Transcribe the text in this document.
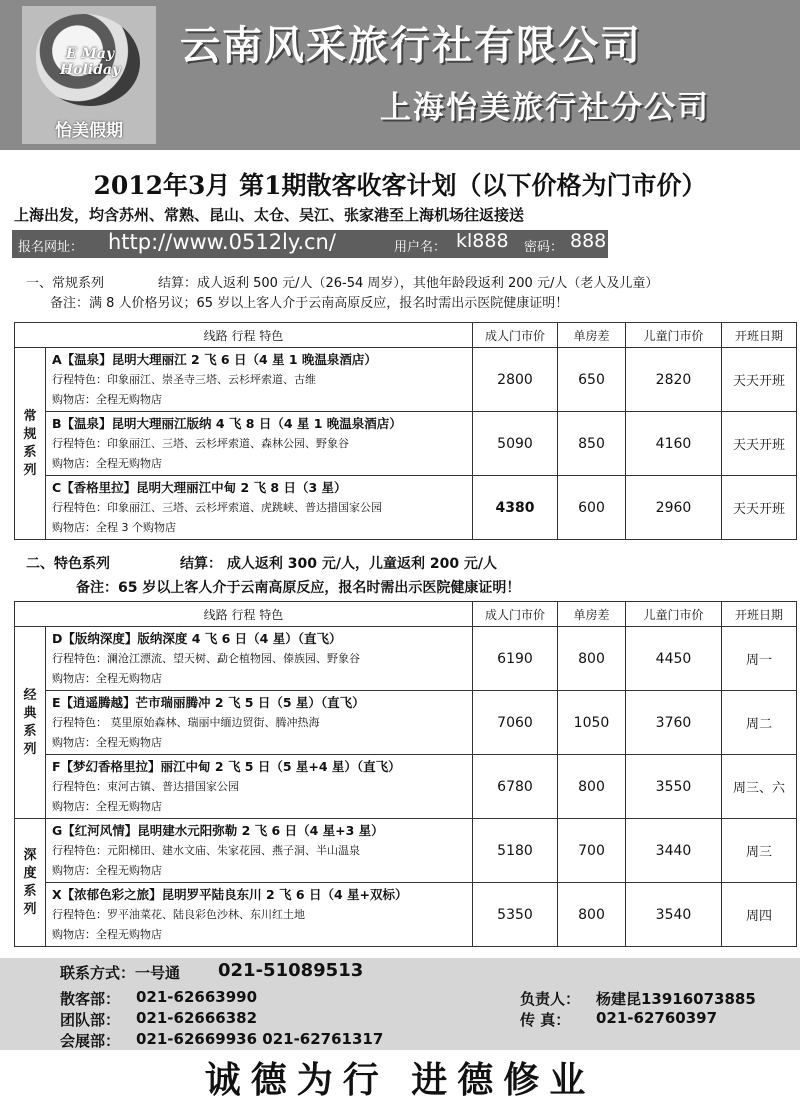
E May Holiday
怡美假期
云南风采旅行社有限公司
上海怡美旅行社分公司
2012年3月 第1期散客收客计划（以下价格为门市价）
上海出发，均含苏州、常熟、昆山、太仓、吴江、张家港至上海机场往返接送
报名网址： http://www.0512ly.cn/	用户名： kl888 密码： 888
一、常规系列	结算：成人返利 500 元/人（26-54 周岁），其他年龄段返利 200 元/人（老人及儿童）
备注：满 8 人价格另议；65 岁以上客人介于云南高原反应，报名时需出示医院健康证明！
线路 行程 特色		成人门市价	单房差	儿童门市价	开班日期
常规系列	A【温泉】昆明大理丽江 2 飞 6 日（4 星 1 晚温泉酒店）
行程特色：印象丽江、崇圣寺三塔、云杉坪索道、古维
购物店：全程无购物店	2800	650	2820	天天开班

	B【温泉】昆明大理丽江版纳 4 飞 8 日（4 星 1 晚温泉酒店）
行程特色：印象丽江、三塔、云杉坪索道、森林公园、野象谷
购物店：全程无购物店	5090	850	4160	天天开班

	C【香格里拉】昆明大理丽江中甸 2 飞 8 日（3 星）
行程特色：印象丽江、三塔、云杉坪索道、虎跳峡、普达措国家公园
购物店：全程 3 个购物店	4380	600	2960	天天开班
二、特色系列	结算： 成人返利 300 元/人，儿童返利 200 元/人
备注：65 岁以上客人介于云南高原反应，报名时需出示医院健康证明！
线路 行程 特色		成人门市价	单房差	儿童门市价	开班日期
经典系列	D【版纳深度】版纳深度 4 飞 6 日（4 星）（直飞）
行程特色：澜沧江漂流、望天树、勐仑植物园、傣族园、野象谷
购物店：全程无购物店	6190	800	4450	周一

	E【逍遥腾越】芒市瑞丽腾冲 2 飞 5 日（5 星）（直飞）
行程特色： 莫里原始森林、瑞丽中缅边贸街、腾冲热海
购物店：全程无购物店	7060	1050	3760	周二

	F【梦幻香格里拉】丽江中甸 2 飞 5 日（5 星+4 星）（直飞）
行程特色：束河古镇、普达措国家公园
购物店：全程无购物店	6780	800	3550	周三、六
深度系列	G【红河风情】昆明建水元阳弥勒 2 飞 6 日（4 星+3 星）
行程特色：元阳梯田、建水文庙、朱家花园、燕子洞、半山温泉
购物店：全程无购物店	5180	700	3440	周三

	X【浓郁色彩之旅】昆明罗平陆良东川 2 飞 6 日（4 星+双标）
行程特色：罗平油菜花、陆良彩色沙林、东川红土地
购物店：全程无购物店	5350	800	3540	周四
联系方式：一号通 021-51089513
散客部： 021-62663990
团队部： 021-62666382
会展部： 021-62669936 021-62761317
负责人： 杨建昆13916073885
传 真： 021-62760397
诚德为行 进德修业
